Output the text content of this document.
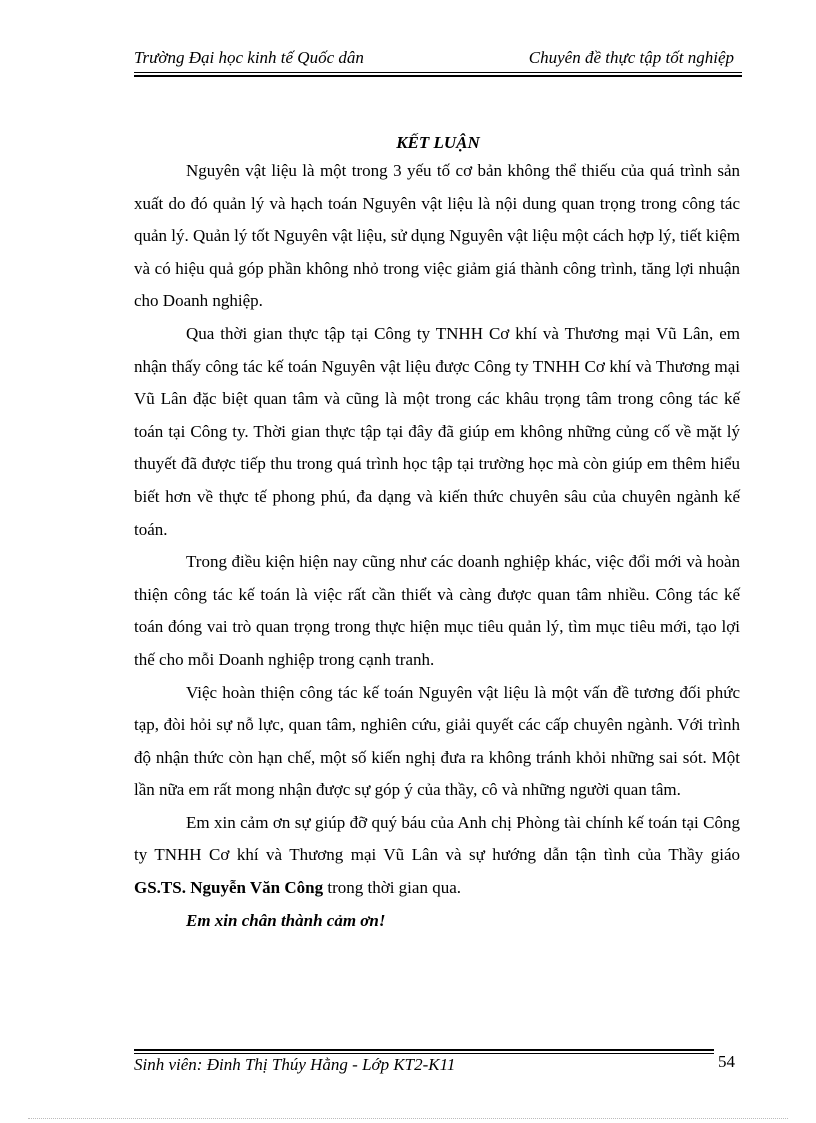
Trường Đại học kinh tế Quốc dân	Chuyên đề thực tập tốt nghiệp
KẾT LUẬN

Nguyên vật liệu là một trong 3 yếu tố cơ bản không thể thiếu của quá trình sản xuất do đó quản lý và hạch toán Nguyên vật liệu là nội dung quan trọng trong công tác quản lý. Quản lý tốt Nguyên vật liệu, sử dụng Nguyên vật liệu một cách hợp lý, tiết kiệm và có hiệu quả góp phần không nhỏ trong việc giảm giá thành công trình, tăng lợi nhuận cho Doanh nghiệp.

Qua thời gian thực tập tại Công ty TNHH Cơ khí và Thương mại Vũ Lân, em nhận thấy công tác kế toán Nguyên vật liệu được Công ty TNHH Cơ khí và Thương mại Vũ Lân đặc biệt quan tâm và cũng là một trong các khâu trọng tâm trong công tác kế toán tại Công ty. Thời gian thực tập tại đây đã giúp em không những củng cố về mặt lý thuyết đã được tiếp thu trong quá trình học tập tại trường học mà còn giúp em thêm hiểu biết hơn về thực tế phong phú, đa dạng và kiến thức chuyên sâu của chuyên ngành kế toán.

Trong điều kiện hiện nay cũng như các doanh nghiệp khác, việc đổi mới và hoàn thiện công tác kế toán là việc rất cần thiết và càng được quan tâm nhiều. Công tác kế toán đóng vai trò quan trọng trong thực hiện mục tiêu quản lý, tìm mục tiêu mới, tạo lợi thế cho mỗi Doanh nghiệp trong cạnh tranh.

Việc hoàn thiện công tác kế toán Nguyên vật liệu là một vấn đề tương đối phức tạp, đòi hỏi sự nỗ lực, quan tâm, nghiên cứu, giải quyết các cấp chuyên ngành. Với trình độ nhận thức còn hạn chế, một số kiến nghị đưa ra không tránh khỏi những sai sót. Một lần nữa em rất mong nhận được sự góp ý của thầy, cô và những người quan tâm.

Em xin cảm ơn sự giúp đỡ quý báu của Anh chị Phòng tài chính kế toán tại Công ty TNHH Cơ khí và Thương mại Vũ Lân và sự hướng dẫn tận tình của Thầy giáo GS.TS. Nguyễn Văn Công trong thời gian qua.

Em xin chân thành cảm ơn!

Sinh viên: Đinh Thị Thúy Hằng - Lớp KT2-K11	54
